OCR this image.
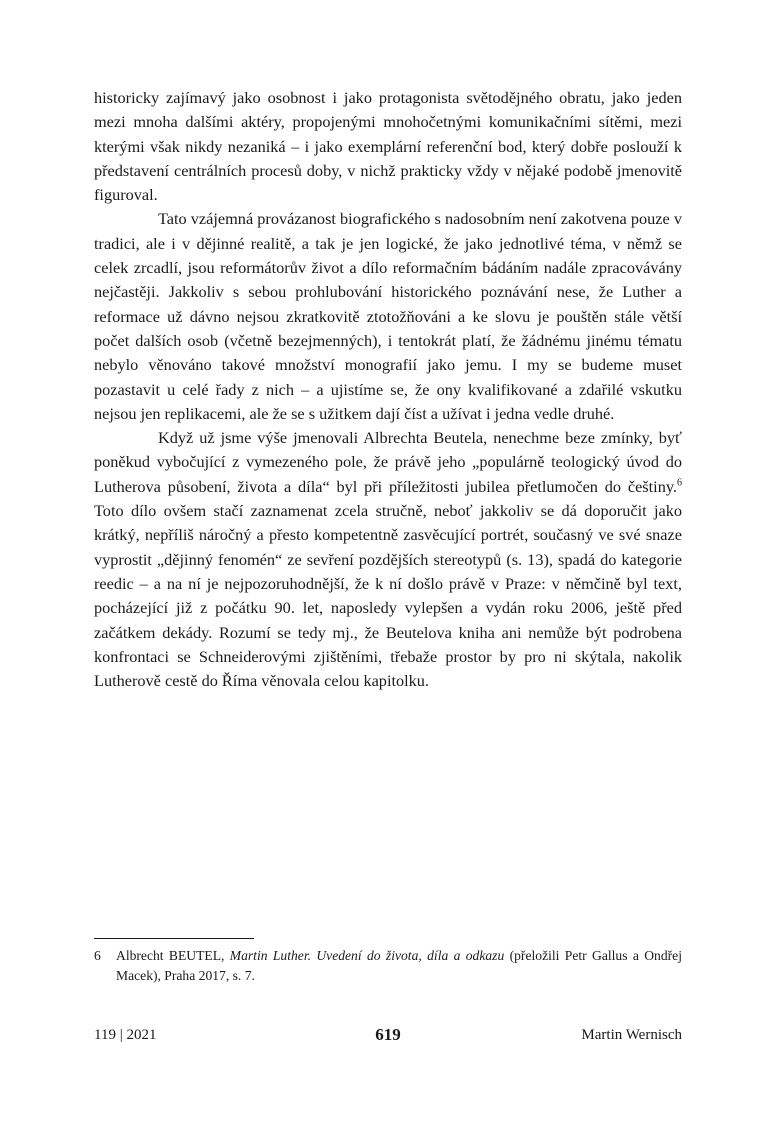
historicky zajímavý jako osobnost i jako protagonista světodějného obratu, jako jeden mezi mnoha dalšími aktéry, propojenými mnohočetnými komunikačními sítěmi, mezi kterými však nikdy nezaniká – i jako exemplární referenční bod, který dobře poslouží k představení centrálních procesů doby, v nichž prakticky vždy v nějaké podobě jmenovitě figuroval.

Tato vzájemná provázanost biografického s nadosobním není zakotvena pouze v tradici, ale i v dějinné realitě, a tak je jen logické, že jako jednotlivé téma, v němž se celek zrcadlí, jsou reformátorův život a dílo reformačním bádáním nadále zpracovávány nejčastěji. Jakkoliv s sebou prohlubování historického poznávání nese, že Luther a reformace už dávno nejsou zkratkovitě ztotožňováni a ke slovu je pouštěn stále větší počet dalších osob (včetně bezejmenných), i tentokrát platí, že žádnému jinému tématu nebylo věnováno takové množství monografií jako jemu. I my se budeme muset pozastavit u celé řady z nich – a ujistíme se, že ony kvalifikované a zdařilé vskutku nejsou jen replikacemi, ale že se s užitkem dají číst a užívat i jedna vedle druhé.

Když už jsme výše jmenovali Albrechta Beutela, nenechme beze zmínky, byť poněkud vybočující z vymezeného pole, že právě jeho „populárně teologický úvod do Lutherova působení, života a díla“ byl při příležitosti jubilea přetlumočen do češtiny.$^6$ Toto dílo ovšem stačí zaznamenat zcela stručně, neboť jakkoliv se dá doporučit jako krátký, nepříliš náročný a přesto kompetentně zasvěcující portrét, současný ve své snaze vyprostit „dějinný fenomén“ ze sevření pozdějších stereotypů (s. 13), spadá do kategorie reedic – a na ní je nejpozoruhodnější, že k ní došlo právě v Praze: v němčině byl text, pocházející již z počátku 90. let, naposledy vylepšen a vydán roku 2006, ještě před začátkem dekády. Rozumí se tedy mj., že Beutelova kniha ani nemůže být podrobena konfrontaci se Schneiderovými zjištěními, třebaže prostor by pro ni skýtala, nakolik Lutherově cestě do Říma věnovala celou kapitolku.

6 Albrecht BEUTEL, Martin Luther. Uvedení do života, díla a odkazu (přeložili Petr Gallus a Ondřej Macek), Praha 2017, s. 7.
119 | 2021	619	Martin Wernisch
